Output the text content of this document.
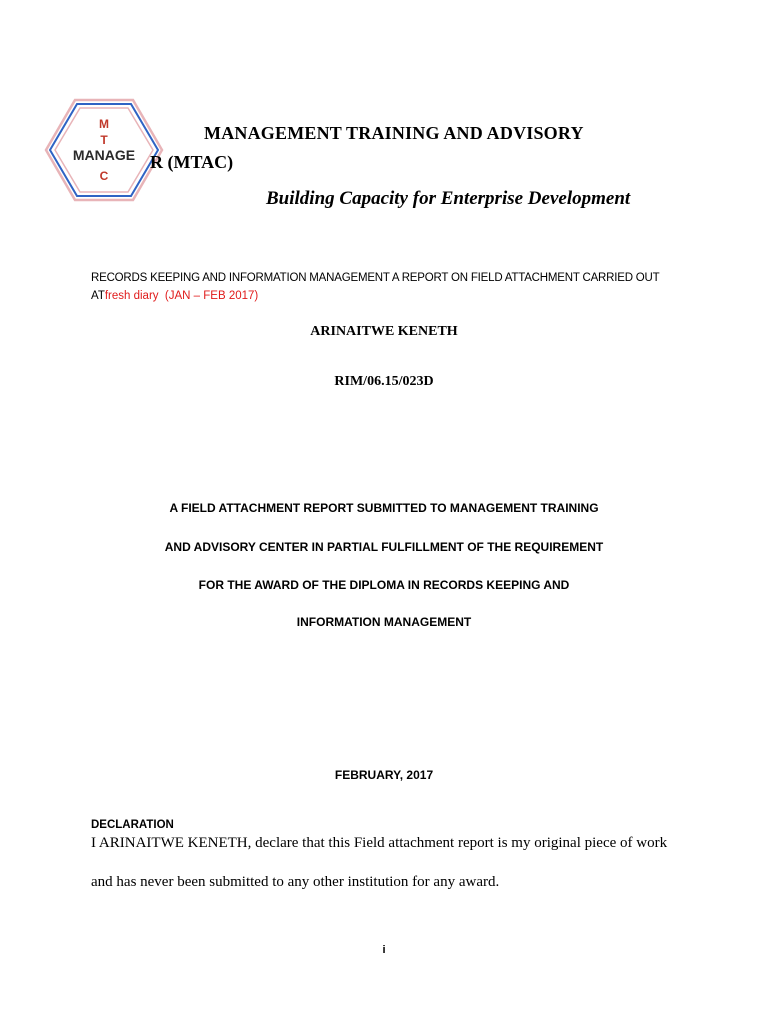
M
T
MANAGE
C
MANAGEMENT TRAINING AND ADVISORY
R (MTAC)
Building Capacity for Enterprise Development
RECORDS KEEPING AND INFORMATION MANAGEMENT A REPORT ON FIELD ATTACHMENT CARRIED OUT
ATfresh diary (JAN – FEB 2017)
ARINAITWE KENETH
RIM/06.15/023D
A FIELD ATTACHMENT REPORT SUBMITTED TO MANAGEMENT TRAINING
AND ADVISORY CENTER IN PARTIAL FULFILLMENT OF THE REQUIREMENT
FOR THE AWARD OF THE DIPLOMA IN RECORDS KEEPING AND
INFORMATION MANAGEMENT
FEBRUARY, 2017
DECLARATION
I ARINAITWE KENETH, declare that this Field attachment report is my original piece of work
and has never been submitted to any other institution for any award.
i
